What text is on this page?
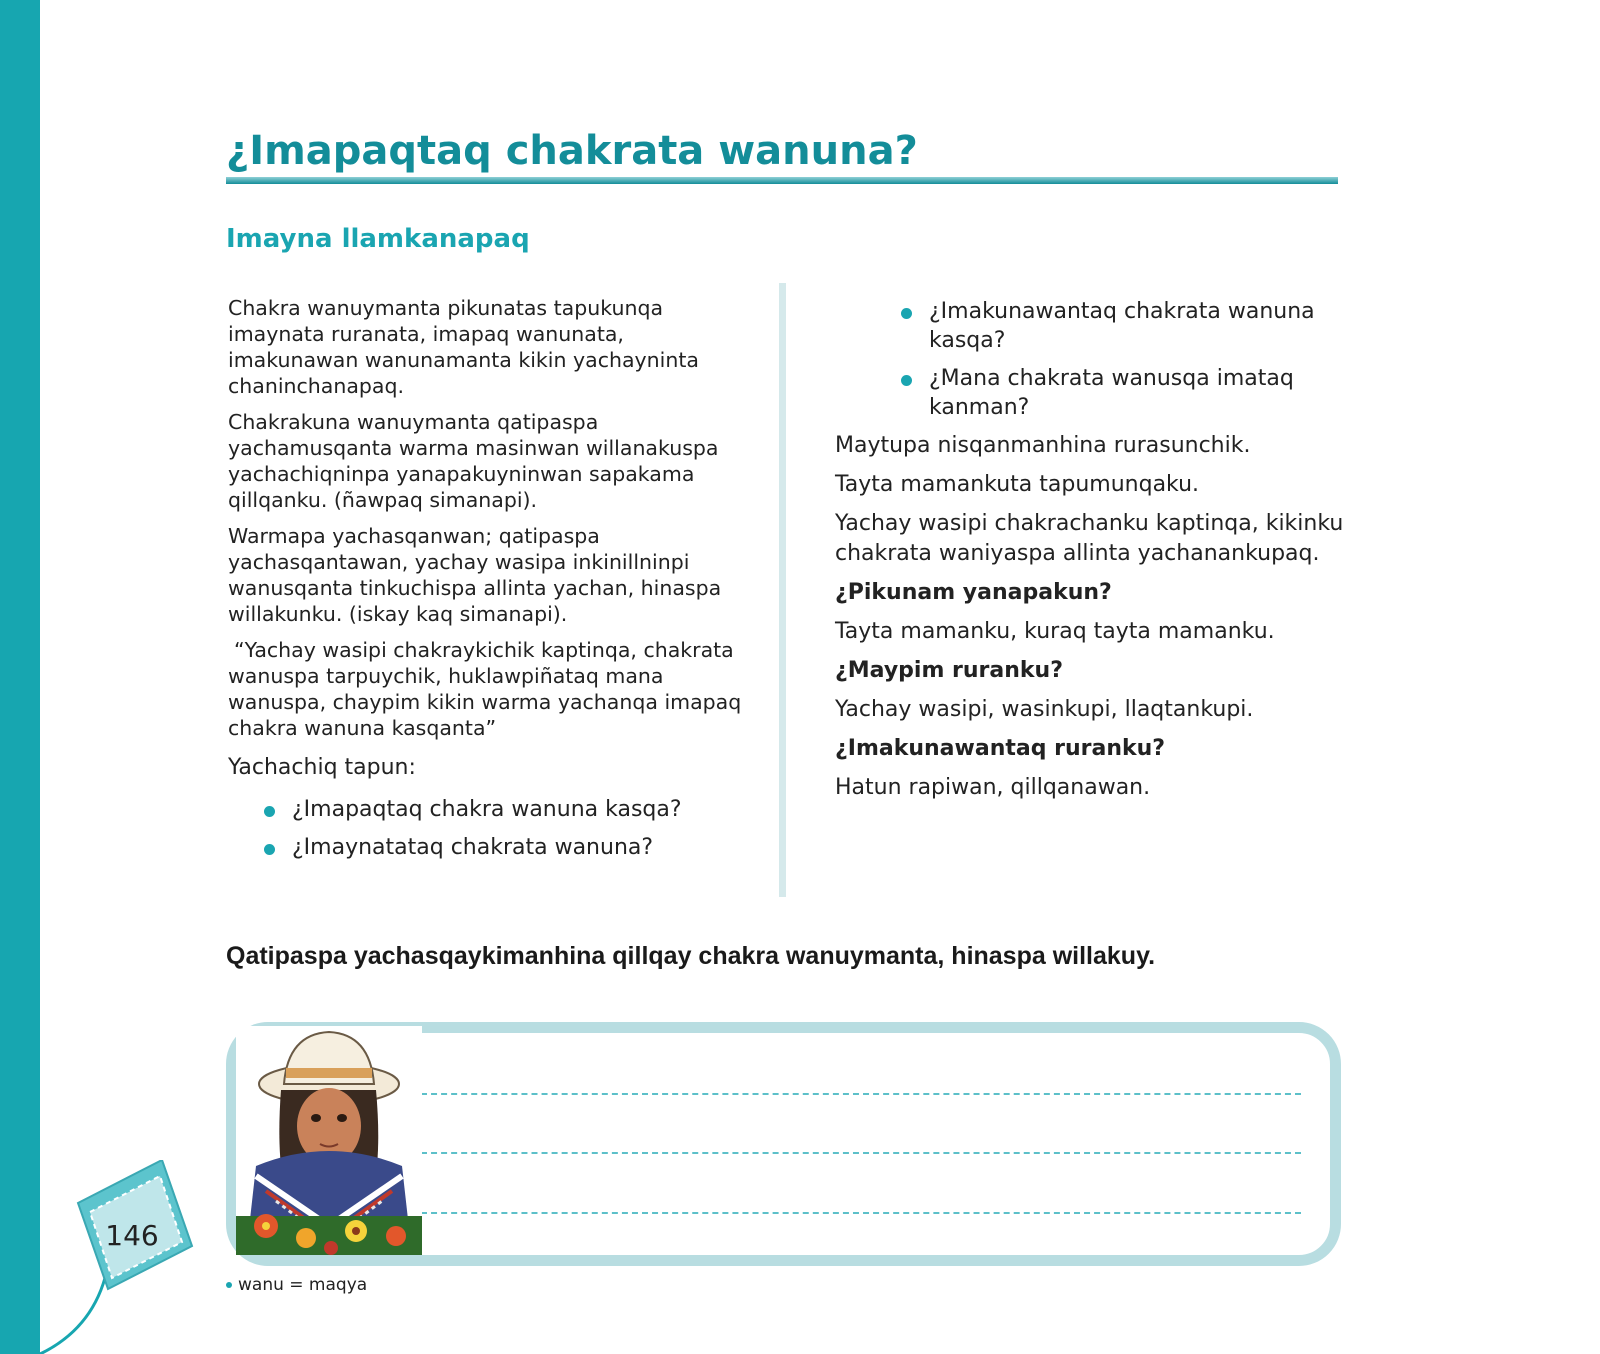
¿Imapaqtaq chakrata wanuna?
Imayna llamkanapaq

Chakra wanuymanta pikunatas tapukunqa imaynata ruranata, imapaq wanunata, imakunawan wanunamanta kikin yachayninta chaninchanapaq.

Chakrakuna wanuymanta qatipaspa yachamusqanta warma masinwan willanakuspa yachachiqninpa yanapakuyninwan sapakama qillqanku. (ñawpaq simanapi).

Warmapa yachasqanwan; qatipaspa yachasqantawan, yachay wasipa inkinillninpi wanusqanta tinkuchispa allinta yachan, hinaspa willakunku. (iskay kaq simanapi).

“Yachay wasipi chakraykichik kaptinqa, chakrata wanuspa tarpuychik, huklawpiñataq mana wanuspa, chaypim kikin warma yachanqa imapaq chakra wanuna kasqanta”

Yachachiq tapun:

¿Imapaqtaq chakra wanuna kasqa?
¿Imaynatataq chakrata wanuna?
¿Imakunawantaq chakrata wanuna kasqa?
¿Mana chakrata wanusqa imataq kanman?

Maytupa nisqanmanhina rurasunchik.

Tayta mamankuta tapumunqaku.

Yachay wasipi chakrachanku kaptinqa, kikinku chakrata waniyaspa allinta yachanankupaq.

¿Pikunam yanapakun?

Tayta mamanku, kuraq tayta mamanku.

¿Maypim ruranku?

Yachay wasipi, wasinkupi, llaqtankupi.

¿Imakunawantaq ruranku?

Hatun rapiwan, qillqanawan.

Qatipaspa yachasqaykimanhina qillqay chakra wanuymanta, hinaspa willakuy.

wanu = maqya
146
